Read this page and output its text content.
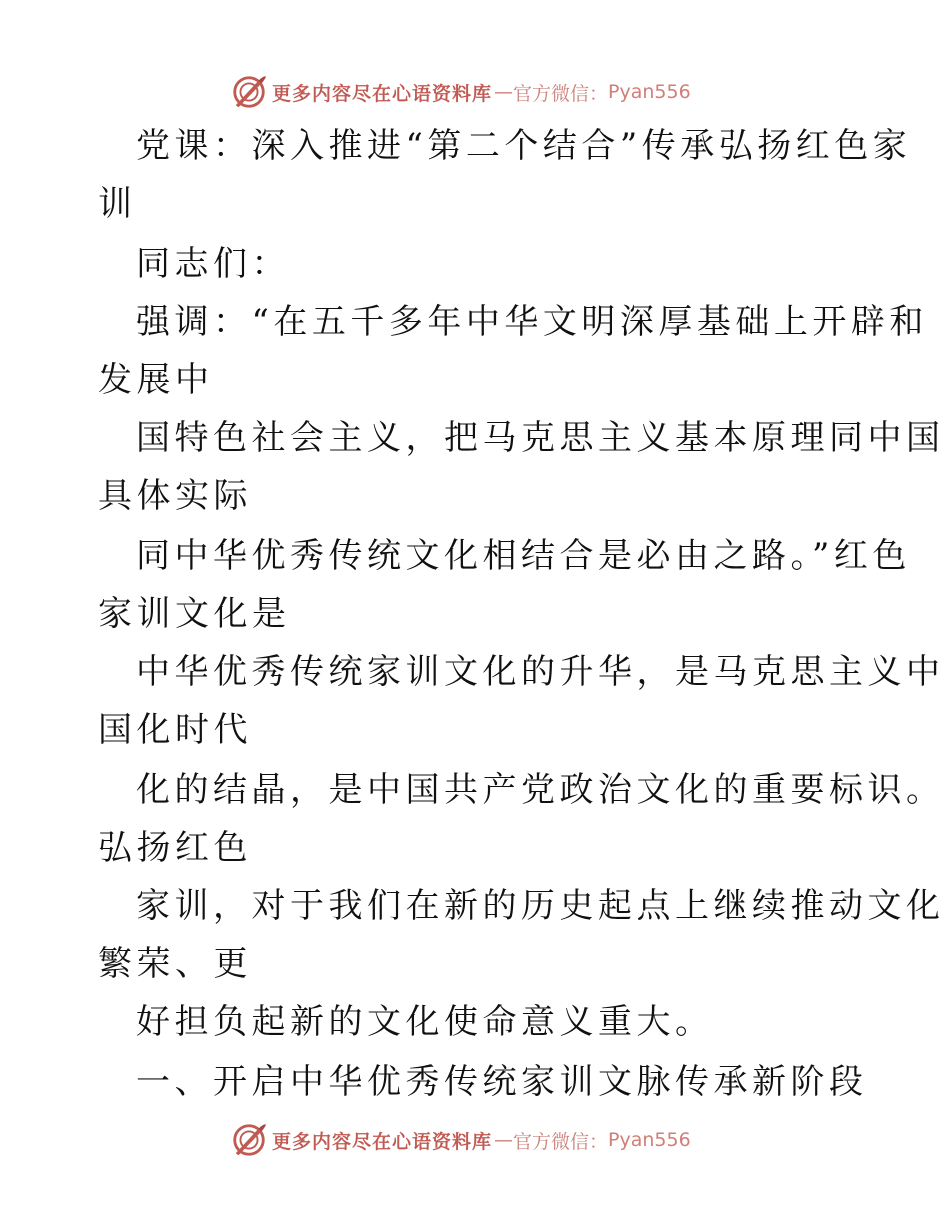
更多内容尽在心语资料库 — 官方微信： Pyan556
党课：深入推进“第二个结合”传承弘扬红色家
训
同志们：
强调：“在五千多年中华文明深厚基础上开辟和
发展中
国特色社会主义，把马克思主义基本原理同中国
具体实际
同中华优秀传统文化相结合是必由之路。”红色
家训文化是
中华优秀传统家训文化的升华，是马克思主义中
国化时代
化的结晶，是中国共产党政治文化的重要标识。
弘扬红色
家训，对于我们在新的历史起点上继续推动文化
繁荣、更
好担负起新的文化使命意义重大。
一、开启中华优秀传统家训文脉传承新阶段
更多内容尽在心语资料库 — 官方微信： Pyan556
